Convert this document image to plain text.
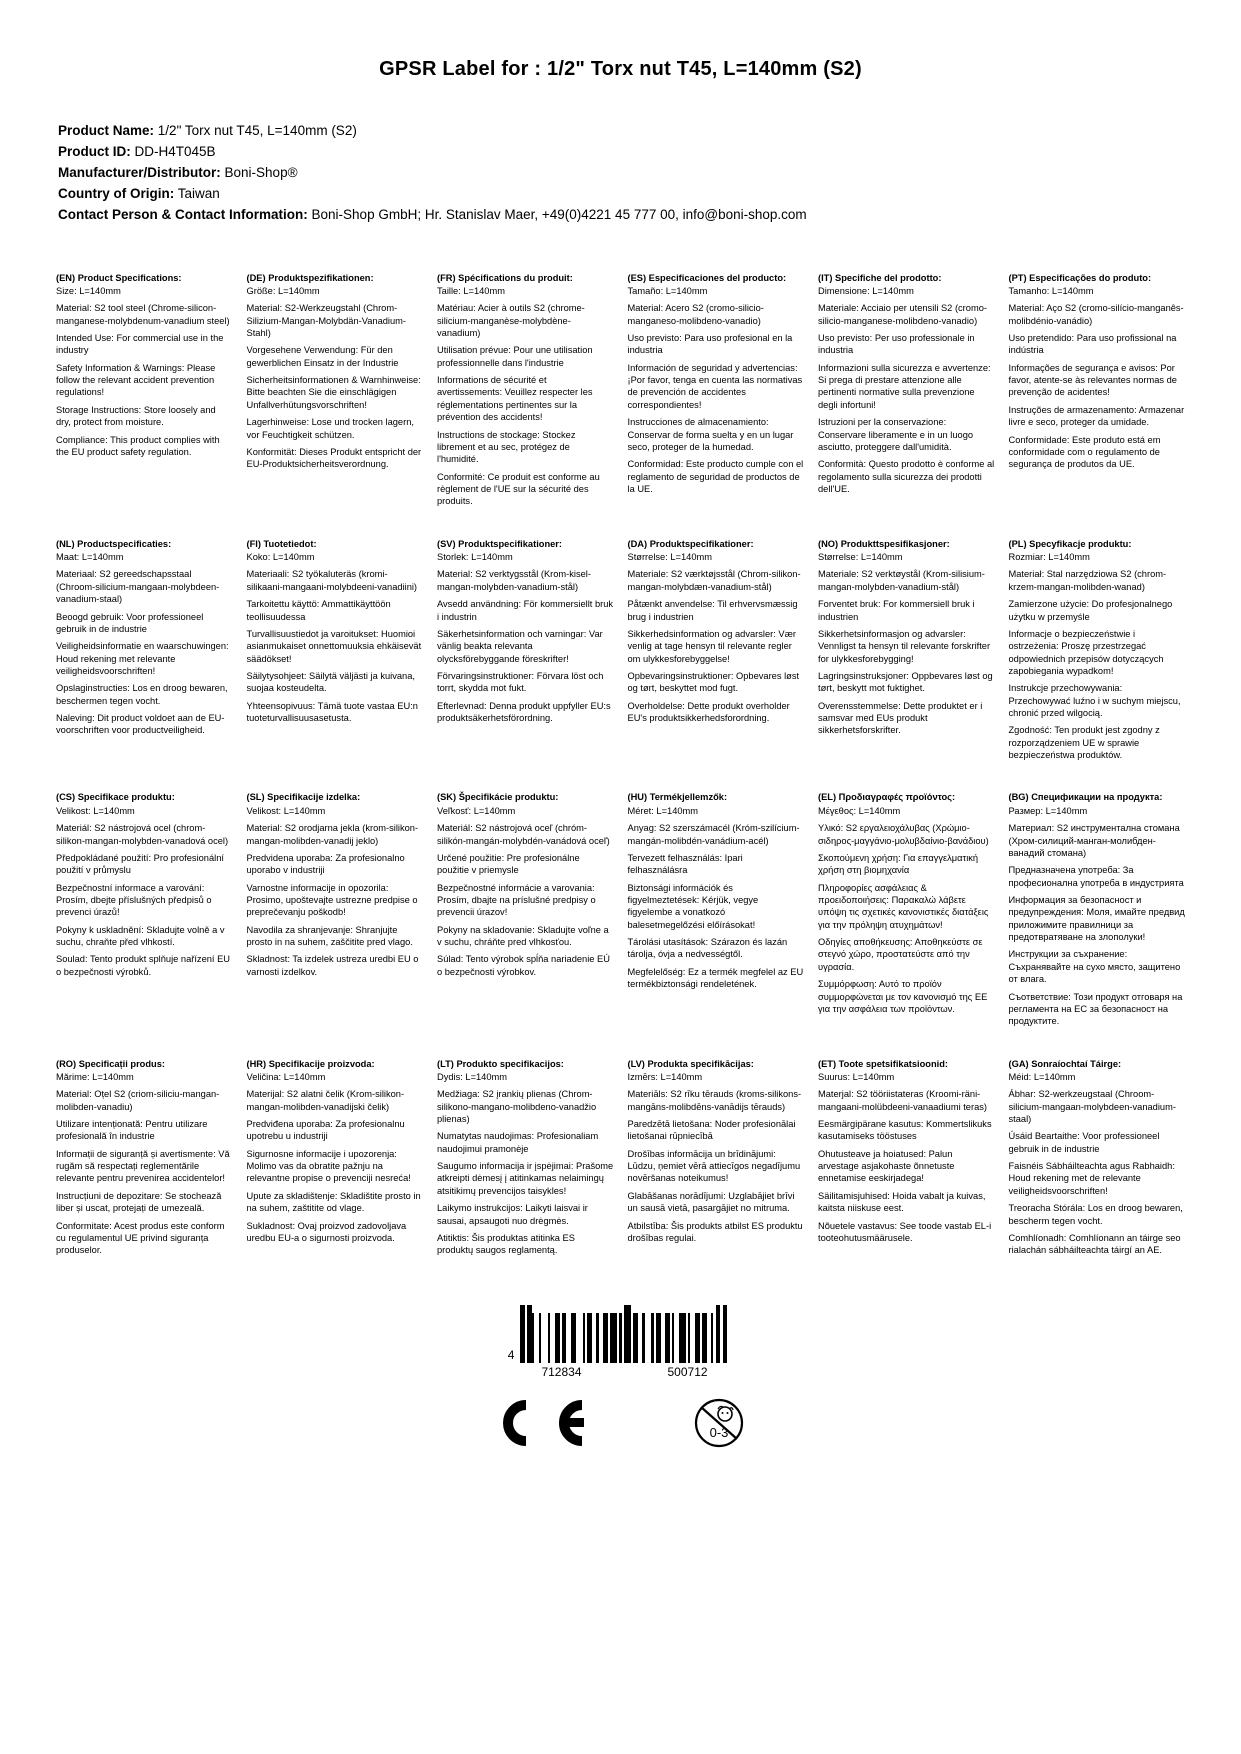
GPSR Label for : 1/2" Torx nut T45, L=140mm (S2)
Product Name: 1/2" Torx nut T45, L=140mm (S2)
Product ID: DD-H4T045B
Manufacturer/Distributor: Boni-Shop®
Country of Origin: Taiwan
Contact Person & Contact Information: Boni-Shop GmbH; Hr. Stanislav Maer, +49(0)4221 45 777 00, info@boni-shop.com
(EN) Product Specifications:
Size: L=140mm
Material: S2 tool steel (Chrome-silicon-manganese-molybdenum-vanadium steel)
Intended Use: For commercial use in the industry
Safety Information & Warnings: Please follow the relevant accident prevention regulations!
Storage Instructions: Store loosely and dry, protect from moisture.
Compliance: This product complies with the EU product safety regulation.
(DE) Produktspezifikationen:
Größe: L=140mm
Material: S2-Werkzeugstahl (Chrom-Silizium-Mangan-Molybdän-Vanadium-Stahl)
Vorgesehene Verwendung: Für den gewerblichen Einsatz in der Industrie
Sicherheitsinformationen & Warnhinweise: Bitte beachten Sie die einschlägigen Unfallverhütungsvorschriften!
Lagerhinweise: Lose und trocken lagern, vor Feuchtigkeit schützen.
Konformität: Dieses Produkt entspricht der EU-Produktsicherheitsverordnung.
(FR) Spécifications du produit:
Taille: L=140mm
Matériau: Acier à outils S2 (chrome-silicium-manganèse-molybdène-vanadium)
Utilisation prévue: Pour une utilisation professionnelle dans l'industrie
Informations de sécurité et avertissements: Veuillez respecter les réglementations pertinentes sur la prévention des accidents!
Instructions de stockage: Stockez librement et au sec, protégez de l'humidité.
Conformité: Ce produit est conforme au règlement de l'UE sur la sécurité des produits.
(ES) Especificaciones del producto:
Tamaño: L=140mm
Material: Acero S2 (cromo-silicio-manganeso-molibdeno-vanadio)
Uso previsto: Para uso profesional en la industria
Información de seguridad y advertencias: ¡Por favor, tenga en cuenta las normativas de prevención de accidentes correspondientes!
Instrucciones de almacenamiento: Conservar de forma suelta y en un lugar seco, proteger de la humedad.
Conformidad: Este producto cumple con el reglamento de seguridad de productos de la UE.
(IT) Specifiche del prodotto:
Dimensione: L=140mm
Materiale: Acciaio per utensili S2 (cromo-silicio-manganese-molibdeno-vanadio)
Uso previsto: Per uso professionale in industria
Informazioni sulla sicurezza e avvertenze: Si prega di prestare attenzione alle pertinenti normative sulla prevenzione degli infortuni!
Istruzioni per la conservazione: Conservare liberamente e in un luogo asciutto, proteggere dall'umidità.
Conformità: Questo prodotto è conforme al regolamento sulla sicurezza dei prodotti dell'UE.
(PT) Especificações do produto:
Tamanho: L=140mm
Material: Aço S2 (cromo-silício-manganês-molibdénio-vanádio)
Uso pretendido: Para uso profissional na indústria
Informações de segurança e avisos: Por favor, atente-se às relevantes normas de prevenção de acidentes!
Instruções de armazenamento: Armazenar livre e seco, proteger da umidade.
Conformidade: Este produto está em conformidade com o regulamento de segurança de produtos da UE.
(NL) Productspecificaties:
Maat: L=140mm
Materiaal: S2 gereedschapsstaal (Chroom-silicium-mangaan-molybdeen-vanadium-staal)
Beoogd gebruik: Voor professioneel gebruik in de industrie
Veiligheidsinformatie en waarschuwingen: Houd rekening met relevante veiligheidsvoorschriften!
Opslaginstructies: Los en droog bewaren, beschermen tegen vocht.
Naleving: Dit product voldoet aan de EU-voorschriften voor productveiligheid.
(FI) Tuotetiedot:
Koko: L=140mm
Materiaali: S2 työkaluteräs (kromi-silikaani-mangaani-molybdeeni-vanadiini)
Tarkoitettu käyttö: Ammattikäyttöön teollisuudessa
Turvallisuustiedot ja varoitukset: Huomioi asianmukaiset onnettomuuksia ehkäisevät säädökset!
Säilytysohjeet: Säilytä väljästi ja kuivana, suojaa kosteudelta.
Yhteensopivuus: Tämä tuote vastaa EU:n tuoteturvallisuusasetusta.
(SV) Produktspecifikationer:
Storlek: L=140mm
Material: S2 verktygsstål (Krom-kisel-mangan-molybden-vanadium-stål)
Avsedd användning: För kommersiellt bruk i industrin
Säkerhetsinformation och varningar: Var vänlig beakta relevanta olycksförebyggande föreskrifter!
Förvaringsinstruktioner: Förvara löst och torrt, skydda mot fukt.
Efterlevnad: Denna produkt uppfyller EU:s produktsäkerhetsförordning.
(DA) Produktspecifikationer:
Størrelse: L=140mm
Materiale: S2 værktøjsstål (Chrom-silikon-mangan-molybdæn-vanadium-stål)
Påtænkt anvendelse: Til erhvervsmæssig brug i industrien
Sikkerhedsinformation og advarsler: Vær venlig at tage hensyn til relevante regler om ulykkesforebyggelse!
Opbevaringsinstruktioner: Opbevares løst og tørt, beskyttet mod fugt.
Overholdelse: Dette produkt overholder EU's produktsikkerhedsforordning.
(NO) Produkttspesifikasjoner:
Størrelse: L=140mm
Materiale: S2 verktøystål (Krom-silisium-mangan-molybden-vanadium-stål)
Forventet bruk: For kommersiell bruk i industrien
Sikkerhetsinformasjon og advarsler: Vennligst ta hensyn til relevante forskrifter for ulykkesforebygging!
Lagringsinstruksjoner: Oppbevares løst og tørt, beskytt mot fuktighet.
Overensstemmelse: Dette produktet er i samsvar med EUs produkt sikkerhetsforskrifter.
(PL) Specyfikacje produktu:
Rozmiar: L=140mm
Materiał: Stal narzędziowa S2 (chrom-krzem-mangan-molibden-wanad)
Zamierzone użycie: Do profesjonalnego użytku w przemyśle
Informacje o bezpieczeństwie i ostrzeżenia: Proszę przestrzegać odpowiednich przepisów dotyczących zapobiegania wypadkom!
Instrukcje przechowywania: Przechowywać luźno i w suchym miejscu, chronić przed wilgocią.
Zgodność: Ten produkt jest zgodny z rozporządzeniem UE w sprawie bezpieczeństwa produktów.
(CS) Specifikace produktu:
Velikost: L=140mm
Materiál: S2 nástrojová ocel (chrom-silikon-mangan-molybden-vanadová ocel)
Předpokládané použití: Pro profesionální použití v průmyslu
Bezpečnostní informace a varování: Prosím, dbejte příslušných předpisů o prevenci úrazů!
Pokyny k uskladnění: Skladujte volně a v suchu, chraňte před vlhkostí.
Soulad: Tento produkt splňuje nařízení EU o bezpečnosti výrobků.
(SL) Specifikacije izdelka:
Velikost: L=140mm
Material: S2 orodjarna jekla (krom-silikon-mangan-molibden-vanadij jeklo)
Predvidena uporaba: Za profesionalno uporabo v industriji
Varnostne informacije in opozorila: Prosimo, upoštevajte ustrezne predpise o preprečevanju poškodb!
Navodila za shranjevanje: Shranjujte prosto in na suhem, zaščitite pred vlago.
Skladnost: Ta izdelek ustreza uredbi EU o varnosti izdelkov.
(SK) Špecifikácie produktu:
Veľkosť: L=140mm
Materiál: S2 nástrojová oceľ (chróm-silikón-mangán-molybdén-vanádová oceľ)
Určené použitie: Pre profesionálne použitie v priemysle
Bezpečnostné informácie a varovania: Prosím, dbajte na príslušné predpisy o prevencii úrazov!
Pokyny na skladovanie: Skladujte voľne a v suchu, chráňte pred vlhkosťou.
Súlad: Tento výrobok spĺňa nariadenie EÚ o bezpečnosti výrobkov.
(HU) Termékjellemzők:
Méret: L=140mm
Anyag: S2 szerszámacél (Króm-szilícium-mangán-molibdén-vanádium-acél)
Tervezett felhasználás: Ipari felhasználásra
Biztonsági információk és figyelmeztetések: Kérjük, vegye figyelembe a vonatkozó balesetmegelőzési előírásokat!
Tárolási utasítások: Szárazon és lazán tárolja, óvja a nedvességtől.
Megfelelőség: Ez a termék megfelel az EU termékbiztonsági rendeletének.
(EL) Προδιαγραφές προϊόντος:
Μέγεθος: L=140mm
Υλικό: S2 εργαλειοχάλυβας (Χρώμιο-σιδηρος-μαγγάνιο-μολυβδαίνιο-βανάδιου)
Σκοπούμενη χρήση: Για επαγγελματική χρήση στη βιομηχανία
Πληροφορίες ασφάλειας & προειδοποιήσεις: Παρακαλώ λάβετε υπόψη τις σχετικές κανονιστικές διατάξεις για την πρόληψη ατυχημάτων!
Οδηγίες αποθήκευσης: Αποθηκεύστε σε στεγνό χώρο, προστατεύστε από την υγρασία.
Συμμόρφωση: Αυτό το προϊόν συμμορφώνεται με τον κανονισμό της ΕΕ για την ασφάλεια των προϊόντων.
(BG) Спецификации на продукта:
Размер: L=140mm
Материал: S2 инструментална стомана (Хром-силиций-манган-молибден-ванадий стомана)
Предназначена употреба: За професионална употреба в индустрията
Информация за безопасност и предупреждения: Моля, имайте предвид приложимите правилници за предотвратяване на злополуки!
Инструкции за съхранение: Съхранявайте на сухо място, защитено от влага.
Съответствие: Този продукт отговаря на регламента на ЕС за безопасност на продуктите.
(RO) Specificații produs:
Mărime: L=140mm
Material: Oțel S2 (criom-siliciu-mangan-molibden-vanadiu)
Utilizare intenționată: Pentru utilizare profesională în industrie
Informații de siguranță și avertismente: Vă rugăm să respectați reglementările relevante pentru prevenirea accidentelor!
Instrucțiuni de depozitare: Se stochează liber și uscat, protejați de umezeală.
Conformitate: Acest produs este conform cu regulamentul UE privind siguranța produselor.
(HR) Specifikacije proizvoda:
Veličina: L=140mm
Materijal: S2 alatni čelik (Krom-silikon-mangan-molibden-vanadijski čelik)
Predviđena uporaba: Za profesionalnu upotrebu u industriji
Sigurnosne informacije i upozorenja: Molimo vas da obratite pažnju na relevantne propise o prevenciji nesreća!
Upute za skladištenje: Skladištite prosto in na suhem, zaštitite od vlage.
Sukladnost: Ovaj proizvod zadovoljava uredbu EU-a o sigurnosti proizvoda.
(LT) Produkto specifikacijos:
Dydis: L=140mm
Medžiaga: S2 įrankių plienas (Chrom-silikono-mangano-molibdeno-vanadžio plienas)
Numatytas naudojimas: Profesionaliam naudojimui pramonėje
Saugumo informacija ir įspėjimai: Prašome atkreipti dėmesį į atitinkamas nelaimingų atsitikimų prevencijos taisykles!
Laikymo instrukcijos: Laikyti laisvai ir sausai, apsaugoti nuo drėgmės.
Atitiktis: Šis produktas atitinka ES produktų saugos reglamentą.
(LV) Produkta specifikācijas:
Izmērs: L=140mm
Materiāls: S2 rīku tērauds (kroms-silikons-mangāns-molibdēns-vanādijs tērauds)
Paredzētā lietošana: Noder profesionālai lietošanai rūpniecībā
Drošības informācija un brīdinājumi: Lūdzu, ņemiet vērā attiecīgos negadījumu novēršanas noteikumus!
Glabāšanas norādījumi: Uzglabājiet brīvi un sausā vietā, pasargājiet no mitruma.
Atbilstība: Šis produkts atbilst ES produktu drošības regulai.
(ET) Toote spetsifikatsioonid:
Suurus: L=140mm
Materjal: S2 tööriistateras (Kroomi-räni-mangaani-molübdeeni-vanaadiumi teras)
Eesmärgipärane kasutus: Kommertslikuks kasutamiseks tööstuses
Ohutusteave ja hoiatused: Palun arvestage asjakohaste õnnetuste ennetamise eeskirjadega!
Säilitamisjuhised: Hoida vabalt ja kuivas, kaitsta niiskuse eest.
Nõuetele vastavus: See toode vastab EL-i tooteohutusmäärusele.
(GA) Sonraíochtaí Táirge:
Méid: L=140mm
Ábhar: S2-werkzeugstaal (Chroom-silicium-mangaan-molybdeen-vanadium-staal)
Úsáid Beartaithe: Voor professioneel gebruik in de industrie
Faisnéis Sábháilteachta agus Rabhaidh: Houd rekening met de relevante veiligheidsvoorschriften!
Treoracha Stórála: Los en droog bewaren, bescherm tegen vocht.
Comhlíonadh: Comhlíonann an táirge seo rialachán sábháilteachta táirgí an AE.
4
712834	500712
0-3
